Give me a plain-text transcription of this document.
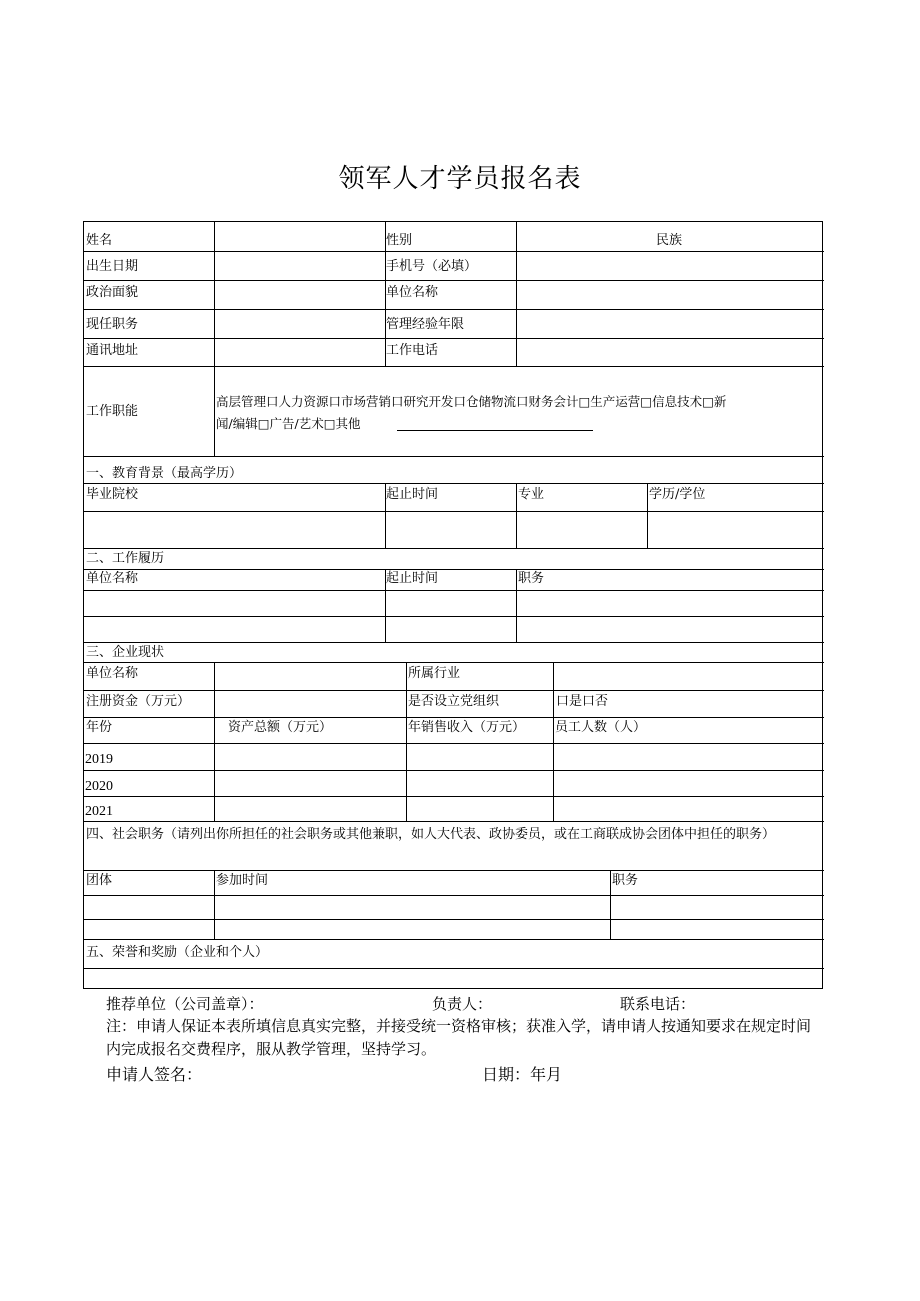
领军人才学员报名表
姓名	性别	民族
出生日期	手机号（必填）
政治面貌	单位名称
现任职务	管理经验年限
通讯地址	工作电话
工作职能
高层管理口人力资源口市场营销口研究开发口仓储物流口财务会计□生产运营□信息技术□新
闻/编辑□广告/艺术□其他
一、教育背景（最高学历）
毕业院校	起止时间	专业	学历/学位
二、工作履历
单位名称	起止时间	职务
三、企业现状
单位名称	所属行业
注册资金（万元）	是否设立党组织	口是口否
年份	资产总额（万元）	年销售收入（万元） 员工人数（人）
2019
2020
2021
四、社会职务（请列出你所担任的社会职务或其他兼职，如人大代表、政协委员，或在工商联成协会团体中担任的职务）
团体	参加时间	职务
五、荣誉和奖励（企业和个人）
推荐单位（公司盖章）：	负责人：	联系电话：
注：申请人保证本表所填信息真实完整，并接受统一资格审核；获准入学，请申请人按通知要求在规定时间内完成报名交费程序，服从教学管理，坚持学习。
申请人签名：	日期：年月
